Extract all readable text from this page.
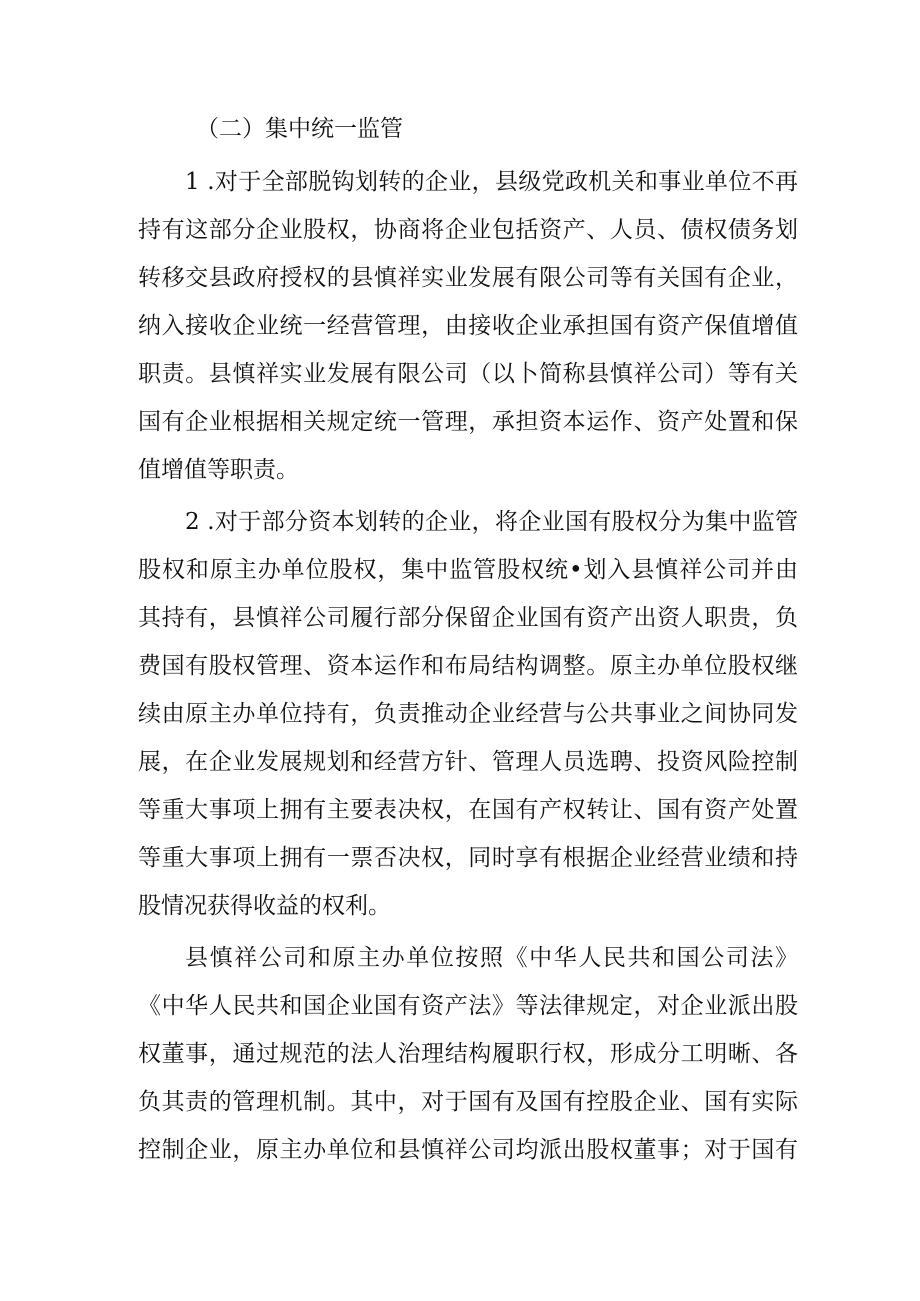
（二）集中统一监管
1 .对于全部脱钩划转的企业，县级党政机关和事业单位不再
持有这部分企业股权，协商将企业包括资产、人员、债权债务划
转移交县政府授权的县慎祥实业发展有限公司等有关国有企业，
纳入接收企业统一经营管理，由接收企业承担国有资产保值增值
职责。县慎祥实业发展有限公司（以卜简称县慎祥公司）等有关
国有企业根据相关规定统一管理，承担资本运作、资产处置和保
值增值等职责。
2 .对于部分资本划转的企业，将企业国有股权分为集中监管
股权和原主办单位股权，集中监管股权统•划入县慎祥公司并由
其持有，县慎祥公司履行部分保留企业国有资产出资人职贵，负
费国有股权管理、资本运作和布局结构调整。原主办单位股权继
续由原主办单位持有，负责推动企业经营与公共事业之间协同发
展，在企业发展规划和经营方针、管理人员选聘、投资风险控制
等重大事项上拥有主要表决权，在国有产权转让、国有资产处置
等重大事项上拥有一票否决权，同时享有根据企业经营业绩和持
股情况获得收益的权利。
县慎祥公司和原主办单位按照《中华人民共和国公司法》
《中华人民共和国企业国有资产法》等法律规定，对企业派出股
权董事，通过规范的法人治理结构履职行权，形成分工明晰、各
负其责的管理机制。其中，对于国有及国有控股企业、国有实际
控制企业，原主办单位和县慎祥公司均派出股权董事；对于国有
